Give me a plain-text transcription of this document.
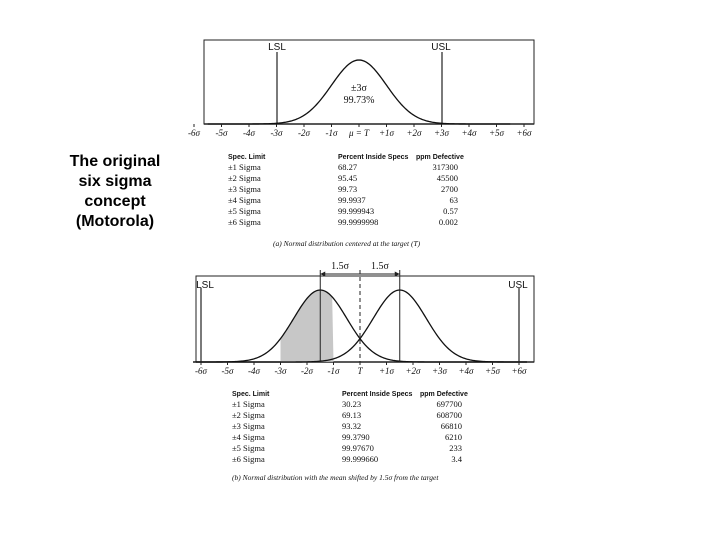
The original
six sigma
concept
(Motorola)
LSL	USL
±3σ
99.73%
-6σ -5σ -4σ -3σ -2σ -1σ μ = T +1σ +2σ +3σ +4σ +5σ +6σ
Spec. Limit	Percent Inside Specs ppm Defective
±1 Sigma	68.27	317300
±2 Sigma	95.45	45500
±3 Sigma	99.73	2700
±4 Sigma	99.9937	63
±5 Sigma	99.999943	0.57
±6 Sigma	99.9999998	0.002
(a) Normal distribution centered at the target (T)
1.5σ 1.5σ
LSL	USL
-6σ -5σ -4σ -3σ -2σ -1σ T +1σ +2σ +3σ +4σ +5σ +6σ
Spec. Limit	Percent Inside Specs ppm Defective
±1 Sigma	30.23	697700
±2 Sigma	69.13	608700
±3 Sigma	93.32	66810
±4 Sigma	99.3790	6210
±5 Sigma	99.97670	233
±6 Sigma	99.999660	3.4
(b) Normal distribution with the mean shifted by 1.5σ from the target
